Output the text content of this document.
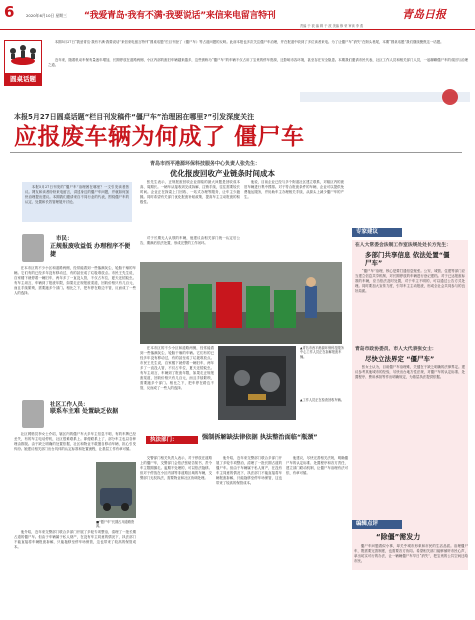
6	2020年6月10日 星期三 “我爱青岛·我有不满·我要说话”来信来电留言特刊	青岛日报
责编 于 波 编 辑 于 波 美编 修 荣 审读 李 燕
圆桌话题

本期5月27日“我爱青岛·我有不满·我要说话”来信来电留言特刊“圆桌话题”栏目刊登了《僵尸车》等占道问题的反映。此前本报也多次关注僵尸车治理，并在报道中收到了多位读者来电。为了让僵尸车“消失”在街头巷尾，本期“圆桌话题”我们继续聚焦这一话题。

近年来，随着机动车保有量逐年增加，长期停放在道路两侧、小区内部的废旧车辆越来越多，这些被称为“僵尸车”的车辆不仅占用了宝贵的停车资源，还影响市容环境，甚至存在安全隐患。本期我们邀请市民代表、社区工作人员和相关部门人员，一起聊聊僵尸车的成因与治理之道。

本报5月27日圆桌话题“栏目刊发稿件“僵尸车”治理困在哪里?”引发深度关注
应报废车辆为何成了 僵尸车

本报5月27日刊发的“僵尸车”治理困在哪里？一文引发读者热议。网友和读者纷纷来电留言，讲述身边的僵尸车问题，并就如何加快治理提出建议。本期我们邀请来自不同行业的代表，围绕僵尸车的认定、处置和长效管理展开讨论。

市民：
正规报废收益低 办理程序不便捷

在本市区的不少小区和道路两侧，经常能看到一些落满灰尘、轮胎干瘪的车辆。它们有的已经多年没有移动过，有的甚至成了垃圾堆放点。市民王先生说，自家楼下就停着一辆旧车，两年多了一直没人管，不仅占车位，夏天还招蚊虫。有车主坦言，车辆到了报废年限，如果走正规报废渠道，回收价格只有几百元，而且手续繁琐，需要跑多个部门。相比之下，把车停在路边不管，反而成了一些人的选择。

社区工作人员：
联系车主难 处置缺乏依据

社区网格员李女士介绍，辖区内的僵尸车大多车主信息不明，有的车牌已经丢失，有的车主电话停机，社区很难联系上。即便联系上了，部分车主也以各种理由推脱。由于缺乏明确的处置依据，社区和物业不敢擅自移动车辆，担心引发纠纷。她建议相关部门出台具体的认定标准和处置流程，让基层工作有章可循。

■“僵尸车”长期占用道路资源。

他介绍，近年来交警部门联合多部门开展了多轮专项整治，清理了一批长期占道的僵尸车。但由于车辆属于私人财产，在没有车主同意的情况下，执法部门不能直接将车辆报废拆解，只能拖移至停车场保管，这也带来了较高的保管成本。

青岛市西平港源环保科技服务中心负责人张先生：
优化报废回收产业链条时间成本

张先生表示，正规报废回收企业面临的最大问题是回收成本高、周期长。一辆车从接收到完成拆解、注销手续，往往需要较长时间。企业正在探索上门回收、一站式办理等服务，让车主少跑腿。同时希望有关部门优化报废补贴政策，提高车主主动报废的积极性。

他说，目前企业已经与多个街道社区建立联系，对辖区内的废旧车辆进行集中摸排。对于符合报废条件的车辆，企业可以提供免费拖运服务，并协助车主办理相关手续，从源头上减少僵尸车的产生。

对于长期无人认领的车辆，他建议由相关部门统一认定后公告，期满后依法处置，形成完整的工作闭环。

▲青岛市西平港源环保科技服务中心工作人员正在拆解报废车辆。
▲工作人员正在检查回收车辆。

在本市区的不少小区和道路两侧，经常能看到一些落满灰尘、轮胎干瘪的车辆。它们有的已经多年没有移动过，有的甚至成了垃圾堆放点。市民王先生说，自家楼下就停着一辆旧车，两年多了一直没人管，不仅占车位，夏天还招蚊虫。有车主坦言，车辆到了报废年限，如果走正规报废渠道，回收价格只有几百元，而且手续繁琐，需要跑多个部门。相比之下，把车停在路边不管，反而成了一些人的选择。

执法部门：	强制拆解缺法律依据 执法整治面临“瓶颈”

交警部门相关负责人表示，对于停放在道路上的僵尸车，交警部门会依法张贴告知书，责令车主限期挪走。逾期不处理的，可以依法拖移。但对于停放在小区内部等非道路区域的车辆，交警部门无权执法，需要物业和社区协调处理。

他介绍，近年来交警部门联合多部门开展了多轮专项整治，清理了一批长期占道的僵尸车。但由于车辆属于私人财产，在没有车主同意的情况下，执法部门不能直接将车辆报废拆解，只能拖移至停车场保管，这也带来了较高的保管成本。

他建议，尽快完善相关法规，明确僵尸车的认定标准、处置程序和各方责任，建立部门联动机制，让僵尸车治理有法可依、有章可循。

专家建议
在人大常委会法制工作室法规处处长方先生：
多部门共享信息 依法处置“僵尸车”

“僵尸车”治理，核心是要打通信息壁垒。公安、城管、住建等部门应当建立信息共享机制，对长期停放的车辆进行登记建档。对于已达报废标准的车辆，应当依法及时处置，对于车主不明的，可以通过公告方式处理。同时要加大宣传力度，引导车主主动报废，形成全社会共同参与的良好局面。

青岛市政协委员、市人大代表张女士：
尽快立法界定 “僵尸车”

张女士认为，目前僵尸车治理难，关键在于缺乏明确的法律界定。建议参考其他城市的经验，尽快出台地方性法规，对僵尸车的认定标准、处置程序、费用承担等作出明确规定，为基层执法提供依据。

编辑点评
“除僵”需发力

僵尸车问题看似小事，却关乎城市形象和市民的生活品质。治理僵尸车，既需要完善制度，也需要各方协同。希望相关部门能够倾听市民心声，拿出切实可行的办法，让一辆辆僵尸车早日“消失”，把宝贵的公共空间还给市民。
